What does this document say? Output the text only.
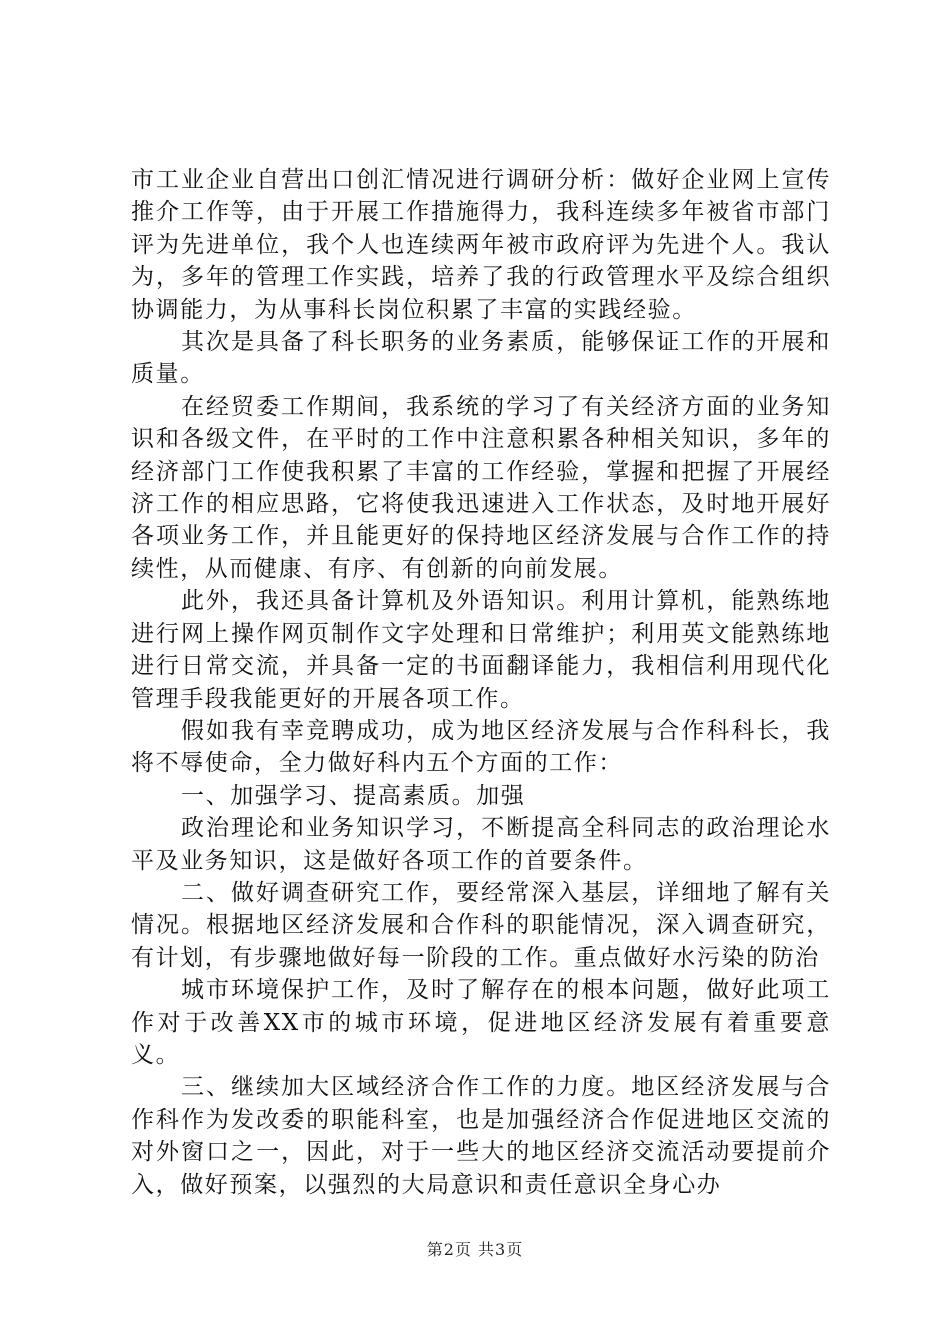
市工业企业自营出口创汇情况进行调研分析：做好企业网上宣传推介工作等，由于开展工作措施得力，我科连续多年被省市部门评为先进单位，我个人也连续两年被市政府评为先进个人。我认为，多年的管理工作实践，培养了我的行政管理水平及综合组织协调能力，为从事科长岗位积累了丰富的实践经验。

其次是具备了科长职务的业务素质，能够保证工作的开展和质量。

在经贸委工作期间，我系统的学习了有关经济方面的业务知识和各级文件，在平时的工作中注意积累各种相关知识，多年的经济部门工作使我积累了丰富的工作经验，掌握和把握了开展经济工作的相应思路，它将使我迅速进入工作状态，及时地开展好各项业务工作，并且能更好的保持地区经济发展与合作工作的持续性，从而健康、有序、有创新的向前发展。

此外，我还具备计算机及外语知识。利用计算机，能熟练地进行网上操作网页制作文字处理和日常维护；利用英文能熟练地进行日常交流，并具备一定的书面翻译能力，我相信利用现代化管理手段我能更好的开展各项工作。

假如我有幸竞聘成功，成为地区经济发展与合作科科长，我将不辱使命，全力做好科内五个方面的工作：

一、加强学习、提高素质。加强

政治理论和业务知识学习，不断提高全科同志的政治理论水平及业务知识，这是做好各项工作的首要条件。

二、做好调查研究工作，要经常深入基层，详细地了解有关情况。根据地区经济发展和合作科的职能情况，深入调查研究，有计划，有步骤地做好每一阶段的工作。重点做好水污染的防治

城市环境保护工作，及时了解存在的根本问题，做好此项工作对于改善XX市的城市环境，促进地区经济发展有着重要意义。

三、继续加大区域经济合作工作的力度。地区经济发展与合作科作为发改委的职能科室，也是加强经济合作促进地区交流的对外窗口之一，因此，对于一些大的地区经济交流活动要提前介入，做好预案，以强烈的大局意识和责任意识全身心办

第2页 共3页
